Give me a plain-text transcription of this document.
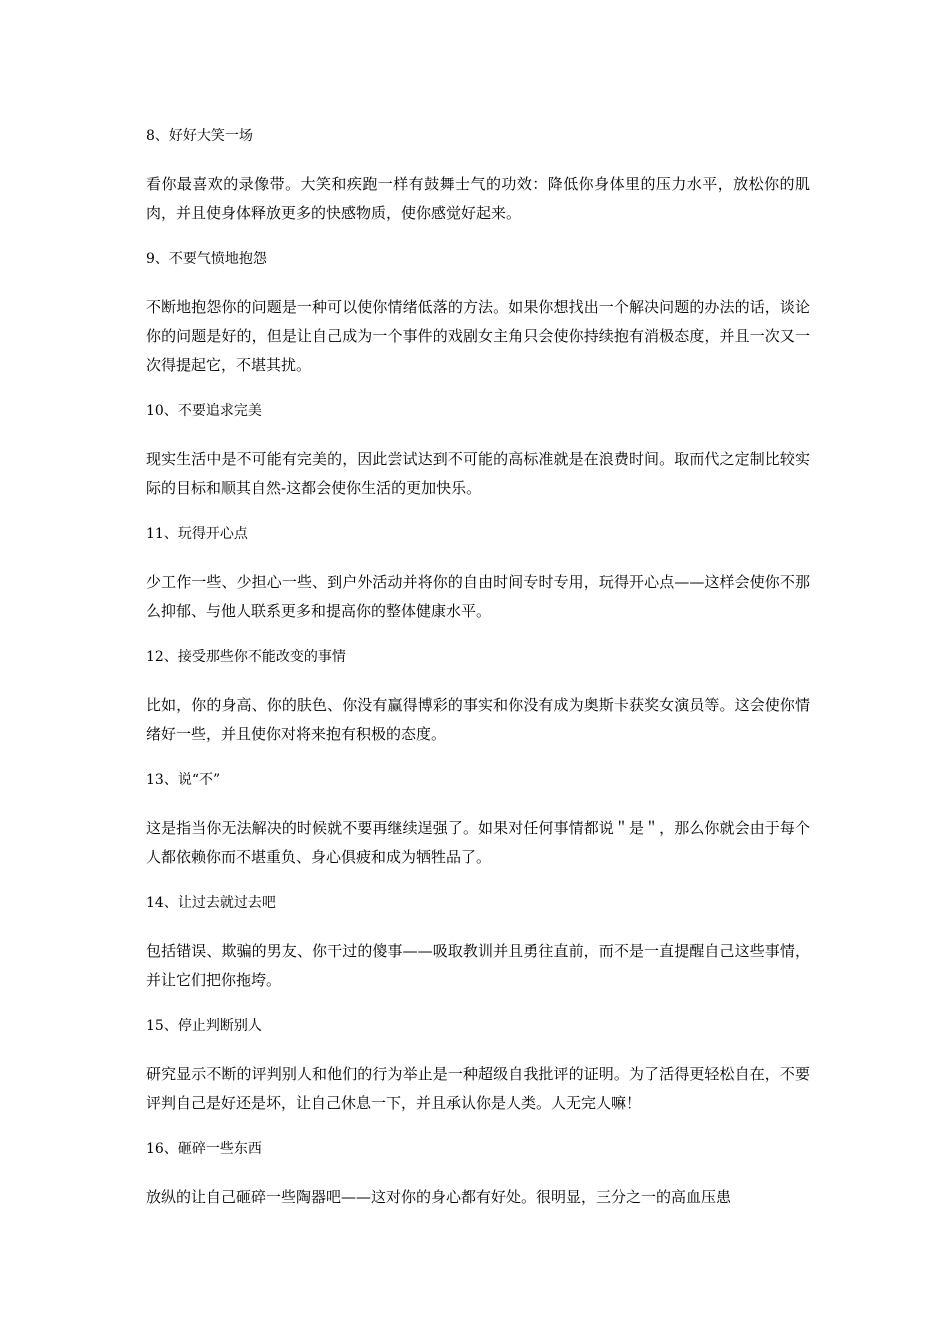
8、好好大笑一场
看你最喜欢的录像带。大笑和疾跑一样有鼓舞士气的功效：降低你身体里的压力水平，放松你的肌肉，并且使身体释放更多的快感物质，使你感觉好起来。
9、不要气愤地抱怨
不断地抱怨你的问题是一种可以使你情绪低落的方法。如果你想找出一个解决问题的办法的话，谈论你的问题是好的，但是让自己成为一个事件的戏剧女主角只会使你持续抱有消极态度，并且一次又一次得提起它，不堪其扰。
10、不要追求完美
现实生活中是不可能有完美的，因此尝试达到不可能的高标准就是在浪费时间。取而代之定制比较实际的目标和顺其自然-这都会使你生活的更加快乐。
11、玩得开心点
少工作一些、少担心一些、到户外活动并将你的自由时间专时专用，玩得开心点——这样会使你不那么抑郁、与他人联系更多和提高你的整体健康水平。
12、接受那些你不能改变的事情
比如，你的身高、你的肤色、你没有赢得博彩的事实和你没有成为奥斯卡获奖女演员等。这会使你情绪好一些，并且使你对将来抱有积极的态度。
13、说“不”
这是指当你无法解决的时候就不要再继续逞强了。如果对任何事情都说＂是＂，那么你就会由于每个人都依赖你而不堪重负、身心俱疲和成为牺牲品了。
14、让过去就过去吧
包括错误、欺骗的男友、你干过的傻事——吸取教训并且勇往直前，而不是一直提醒自己这些事情，并让它们把你拖垮。
15、停止判断别人
研究显示不断的评判别人和他们的行为举止是一种超级自我批评的证明。为了活得更轻松自在，不要评判自己是好还是坏，让自己休息一下，并且承认你是人类。人无完人嘛！
16、砸碎一些东西
放纵的让自己砸碎一些陶器吧——这对你的身心都有好处。很明显，三分之一的高血压患
